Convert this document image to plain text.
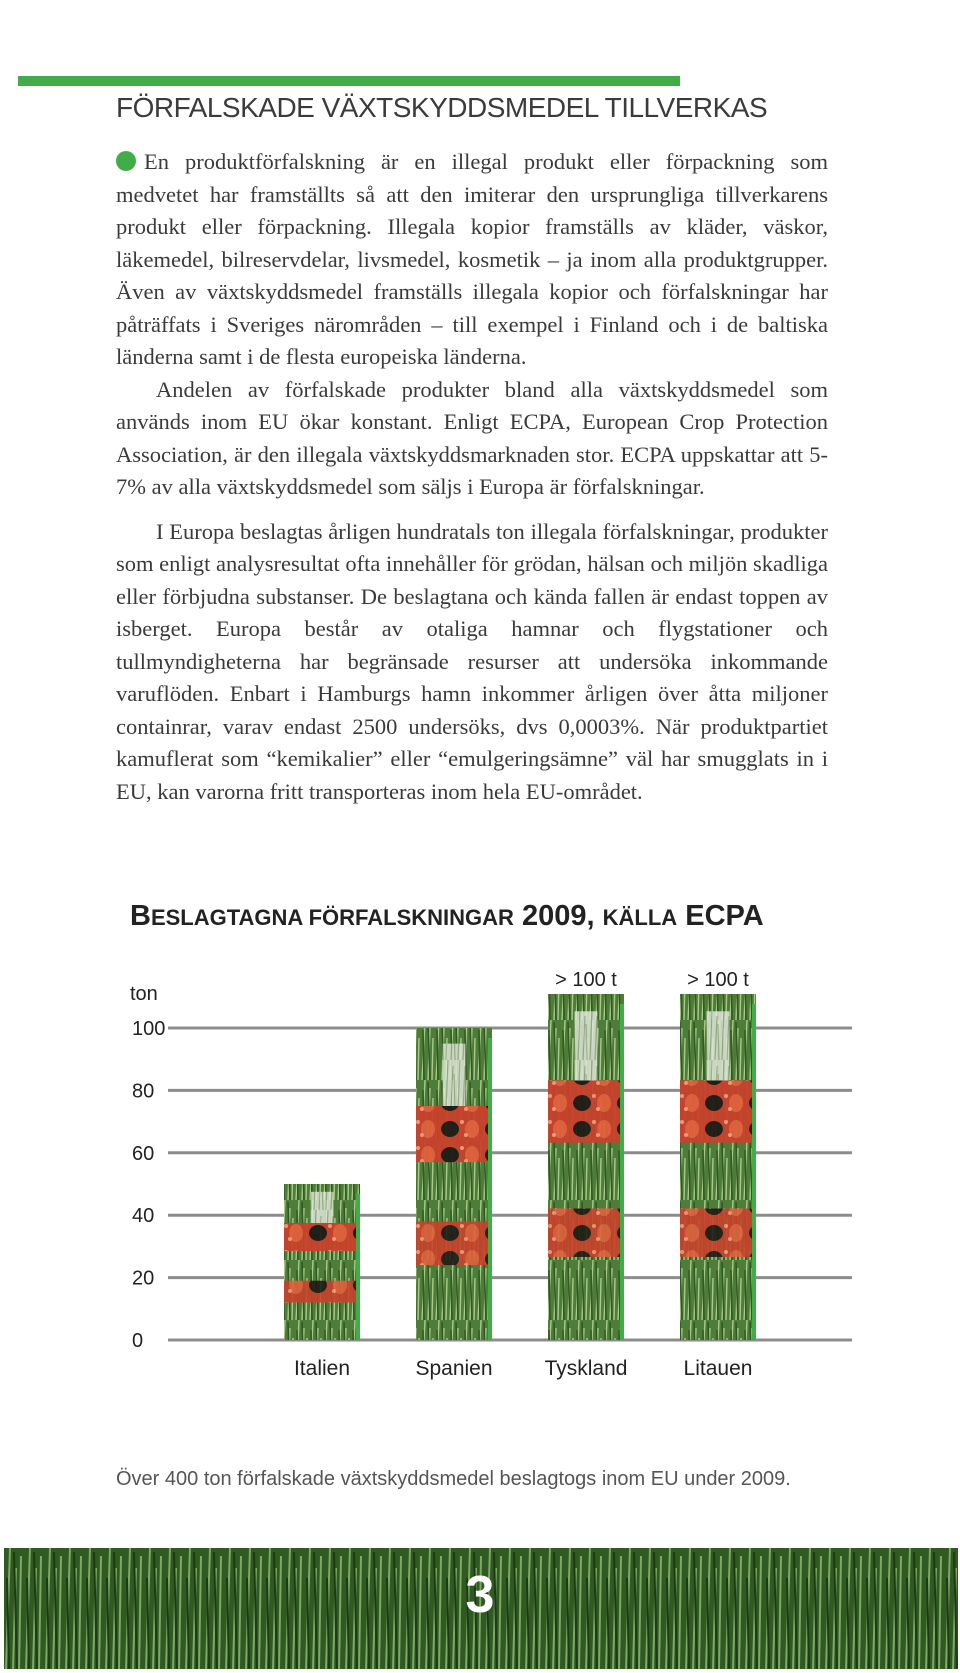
FÖRFALSKADE VÄXTSKYDDSMEDEL TILLVERKAS

En produktförfalskning är en illegal produkt eller förpackning som medvetet har framställts så att den imiterar den ursprungliga tillverkarens produkt eller förpackning. Illegala kopior framställs av kläder, väskor, läkemedel, bilreservdelar, livsmedel, kosmetik – ja inom alla produktgrupper. Även av växtskyddsmedel framställs illegala kopior och förfalskningar har påträffats i Sveriges närområden – till exempel i Finland och i de baltiska länderna samt i de flesta europeiska länderna.

Andelen av förfalskade produkter bland alla växtskyddsmedel som används inom EU ökar konstant. Enligt ECPA, European Crop Protection Association, är den illegala växtskyddsmarknaden stor. ECPA uppskattar att 5-7% av alla växtskyddsmedel som säljs i Europa är förfalskningar.

I Europa beslagtas årligen hundratals ton illegala förfalskningar, produkter som enligt analysresultat ofta innehåller för grödan, hälsan och miljön skadliga eller förbjudna substanser. De beslagtana och kända fallen är endast toppen av isberget. Europa består av otaliga hamnar och flygstationer och tullmyndigheterna har begränsade resurser att undersöka inkommande varuflöden. Enbart i Hamburgs hamn inkommer årligen över åtta miljoner containrar, varav endast 2500 undersöks, dvs 0,0003%. När produktpartiet kamuflerat som “kemikalier” eller “emulgeringsämne” väl har smugglats in i EU, kan varorna fritt transporteras inom hela EU-området.

BESLAGTAGNA FÖRFALSKNINGAR 2009, KÄLLA ECPA
ton
0
20
40
60
80
100
Italien	Spanien Tyskland
> 100 t
Litauen
> 100 t
Över 400 ton förfalskade växtskyddsmedel beslagtogs inom EU under 2009.
3
